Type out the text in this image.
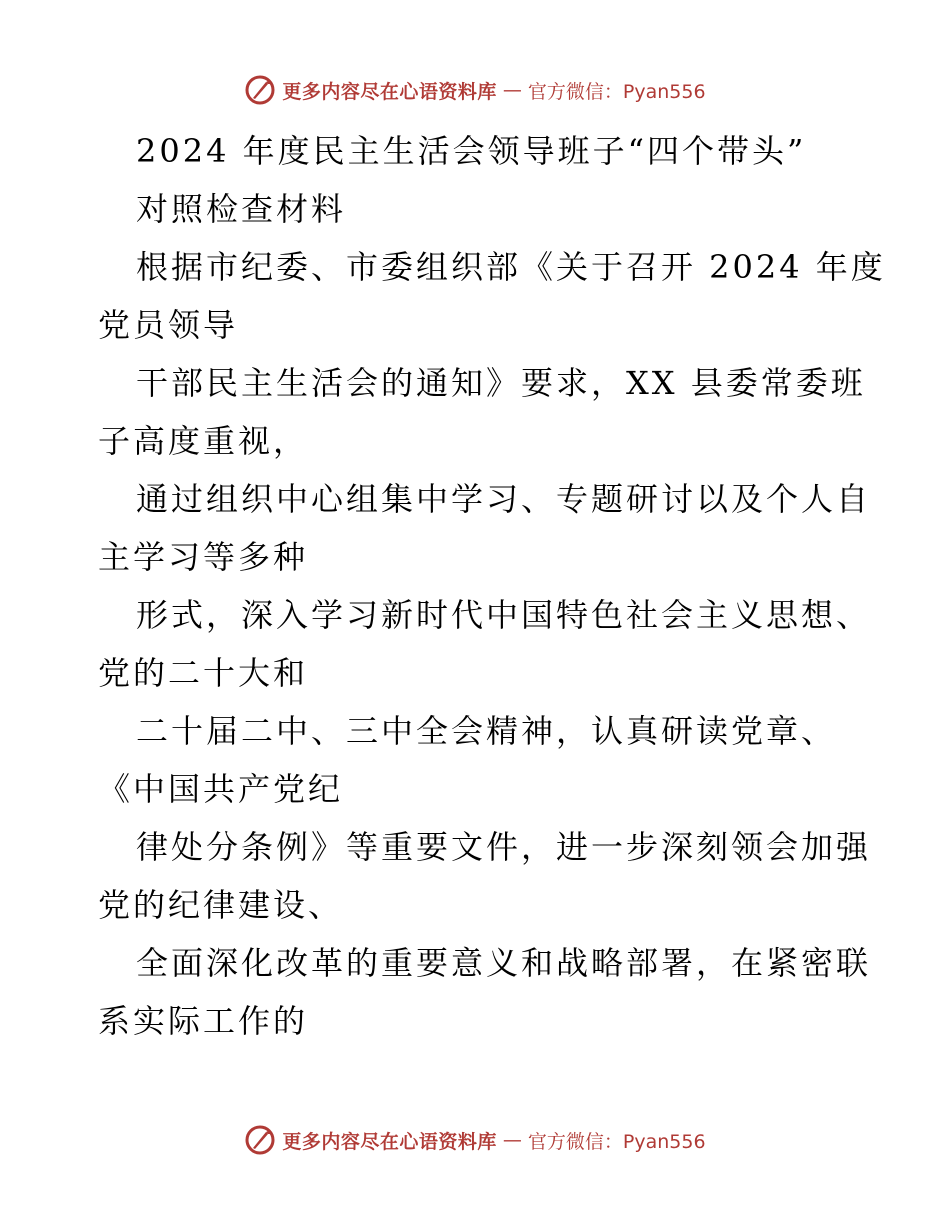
更多内容尽在心语资料库 — 官方微信：Pyan556
2024 年度民主生活会领导班子“四个带头”
对照检查材料
根据市纪委、市委组织部《关于召开 2024 年度
党员领导
干部民主生活会的通知》要求，XX 县委常委班
子高度重视，
通过组织中心组集中学习、专题研讨以及个人自
主学习等多种
形式，深入学习新时代中国特色社会主义思想、
党的二十大和
二十届二中、三中全会精神，认真研读党章、
《中国共产党纪
律处分条例》等重要文件，进一步深刻领会加强
党的纪律建设、
全面深化改革的重要意义和战略部署，在紧密联
系实际工作的
更多内容尽在心语资料库 — 官方微信：Pyan556
